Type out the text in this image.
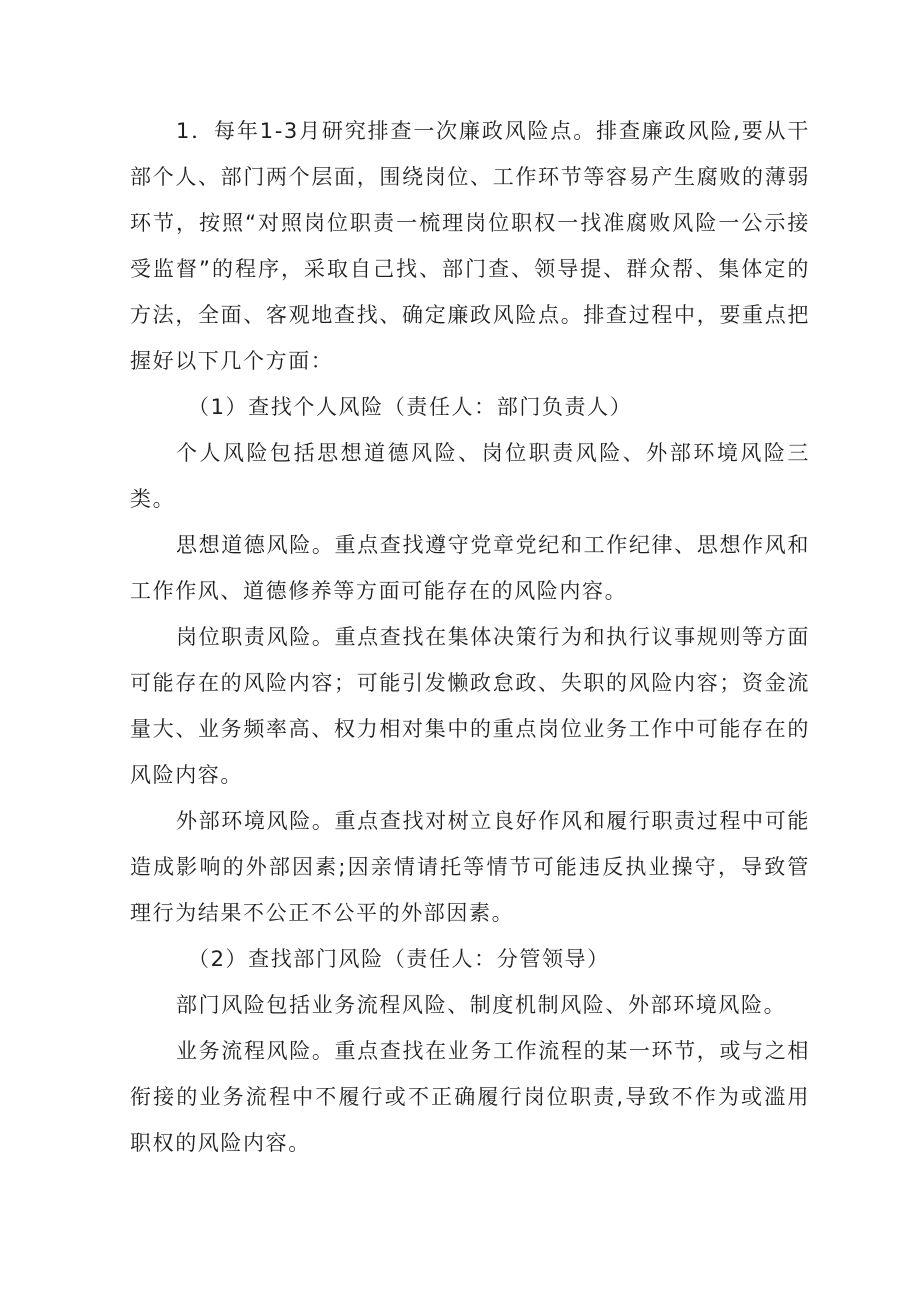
1．每年1-3月研究排查一次廉政风险点。排查廉政风险,要从干部个人、部门两个层面，围绕岗位、工作环节等容易产生腐败的薄弱环节，按照“对照岗位职责一梳理岗位职权一找准腐败风险一公示接受监督”的程序，采取自己找、部门查、领导提、群众帮、集体定的方法，全面、客观地查找、确定廉政风险点。排查过程中，要重点把握好以下几个方面：

（1）查找个人风险（责任人：部门负责人）

个人风险包括思想道德风险、岗位职责风险、外部环境风险三类。

思想道德风险。重点查找遵守党章党纪和工作纪律、思想作风和工作作风、道德修养等方面可能存在的风险内容。

岗位职责风险。重点查找在集体决策行为和执行议事规则等方面可能存在的风险内容；可能引发懒政怠政、失职的风险内容；资金流量大、业务频率高、权力相对集中的重点岗位业务工作中可能存在的风险内容。

外部环境风险。重点查找对树立良好作风和履行职责过程中可能造成影响的外部因素;因亲情请托等情节可能违反执业操守，导致管理行为结果不公正不公平的外部因素。

（2）查找部门风险（责任人：分管领导）

部门风险包括业务流程风险、制度机制风险、外部环境风险。

业务流程风险。重点查找在业务工作流程的某一环节，或与之相衔接的业务流程中不履行或不正确履行岗位职责,导致不作为或滥用职权的风险内容。
